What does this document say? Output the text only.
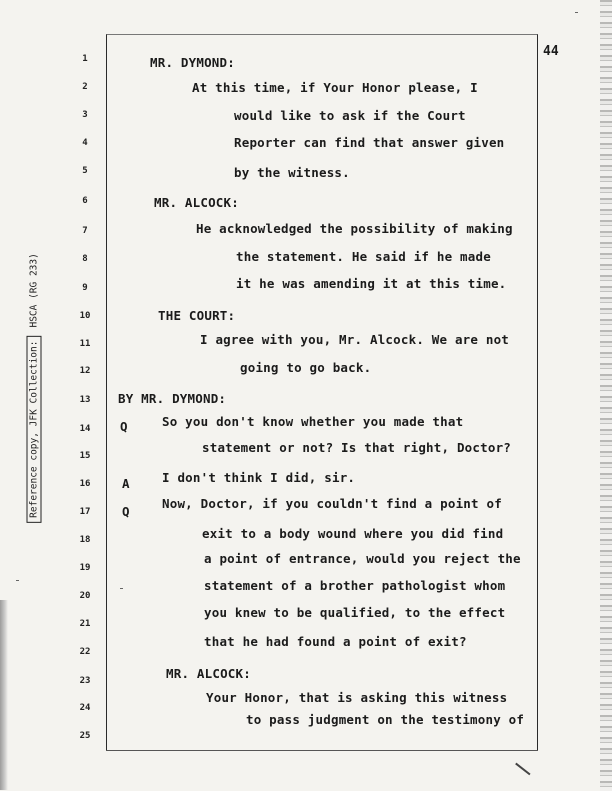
44
Reference copy, JFK Collection:
HSCA (RG 233)
1	MR. DYMOND:
2	At this time, if Your Honor please, I
3	would like to ask if the Court
4	Reporter can find that answer given
5	by the witness.
6	MR. ALCOCK:
7	He acknowledged the possibility of making
8	the statement. He said if he made
9	it he was amending it at this time.
10	THE COURT:
11	I agree with you, Mr. Alcock. We are not
12	going to go back.
13	BY MR. DYMOND:
14	Q	So you don't know whether you made that
15
statement or not? Is that right, Doctor?
16	A	I don't think I did, sir.
17	Q
Now, Doctor, if you couldn't find a point of
18	exit to a body wound where you did find
19
a point of entrance, would you reject the
20
statement of a brother pathologist whom
21
you knew to be qualified, to the effect
22
that he had found a point of exit?
23	MR. ALCOCK:
24
Your Honor, that is asking this witness
25
to pass judgment on the testimony of
